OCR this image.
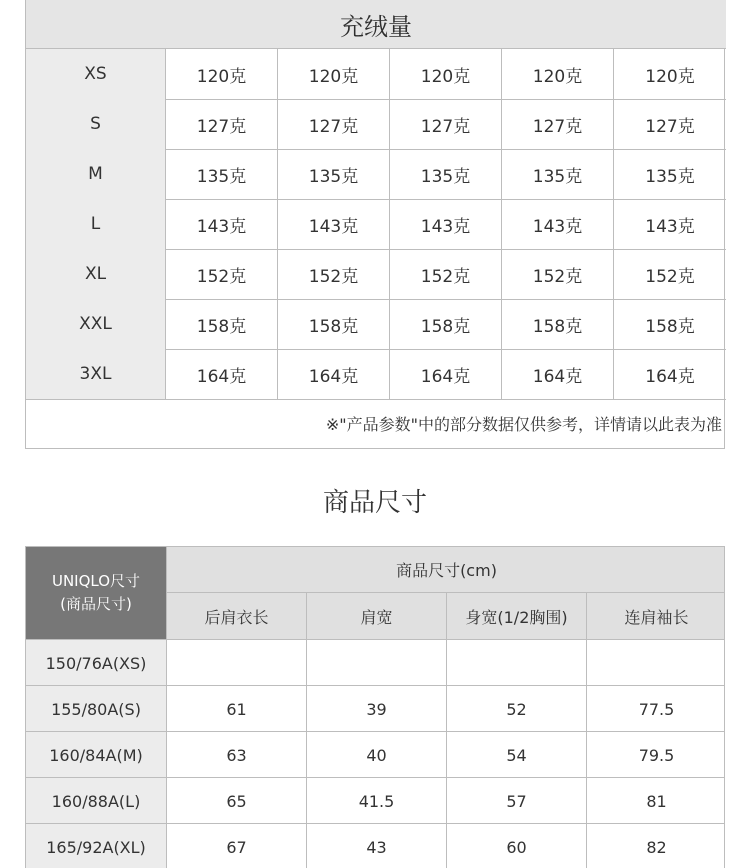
充绒量
XS	120克	120克	120克	120克	120克
S	127克	127克	127克	127克	127克
M	135克	135克	135克	135克	135克
L	143克	143克	143克	143克	143克
XL	152克	152克	152克	152克	152克
XXL	158克	158克	158克	158克	158克
3XL	164克	164克	164克	164克	164克
※"产品参数"中的部分数据仅供参考，详情请以此表为准
商品尺寸
UNIQLO尺寸
(商品尺寸)
商品尺寸(cm)
后肩衣长	肩宽	身宽(1/2胸围)	连肩袖长
150/76A(XS)
155/80A(S)	61	39	52	77.5
160/84A(M)	63	40	54	79.5
160/88A(L)	65	41.5	57	81
165/92A(XL)	67	43	60	82
